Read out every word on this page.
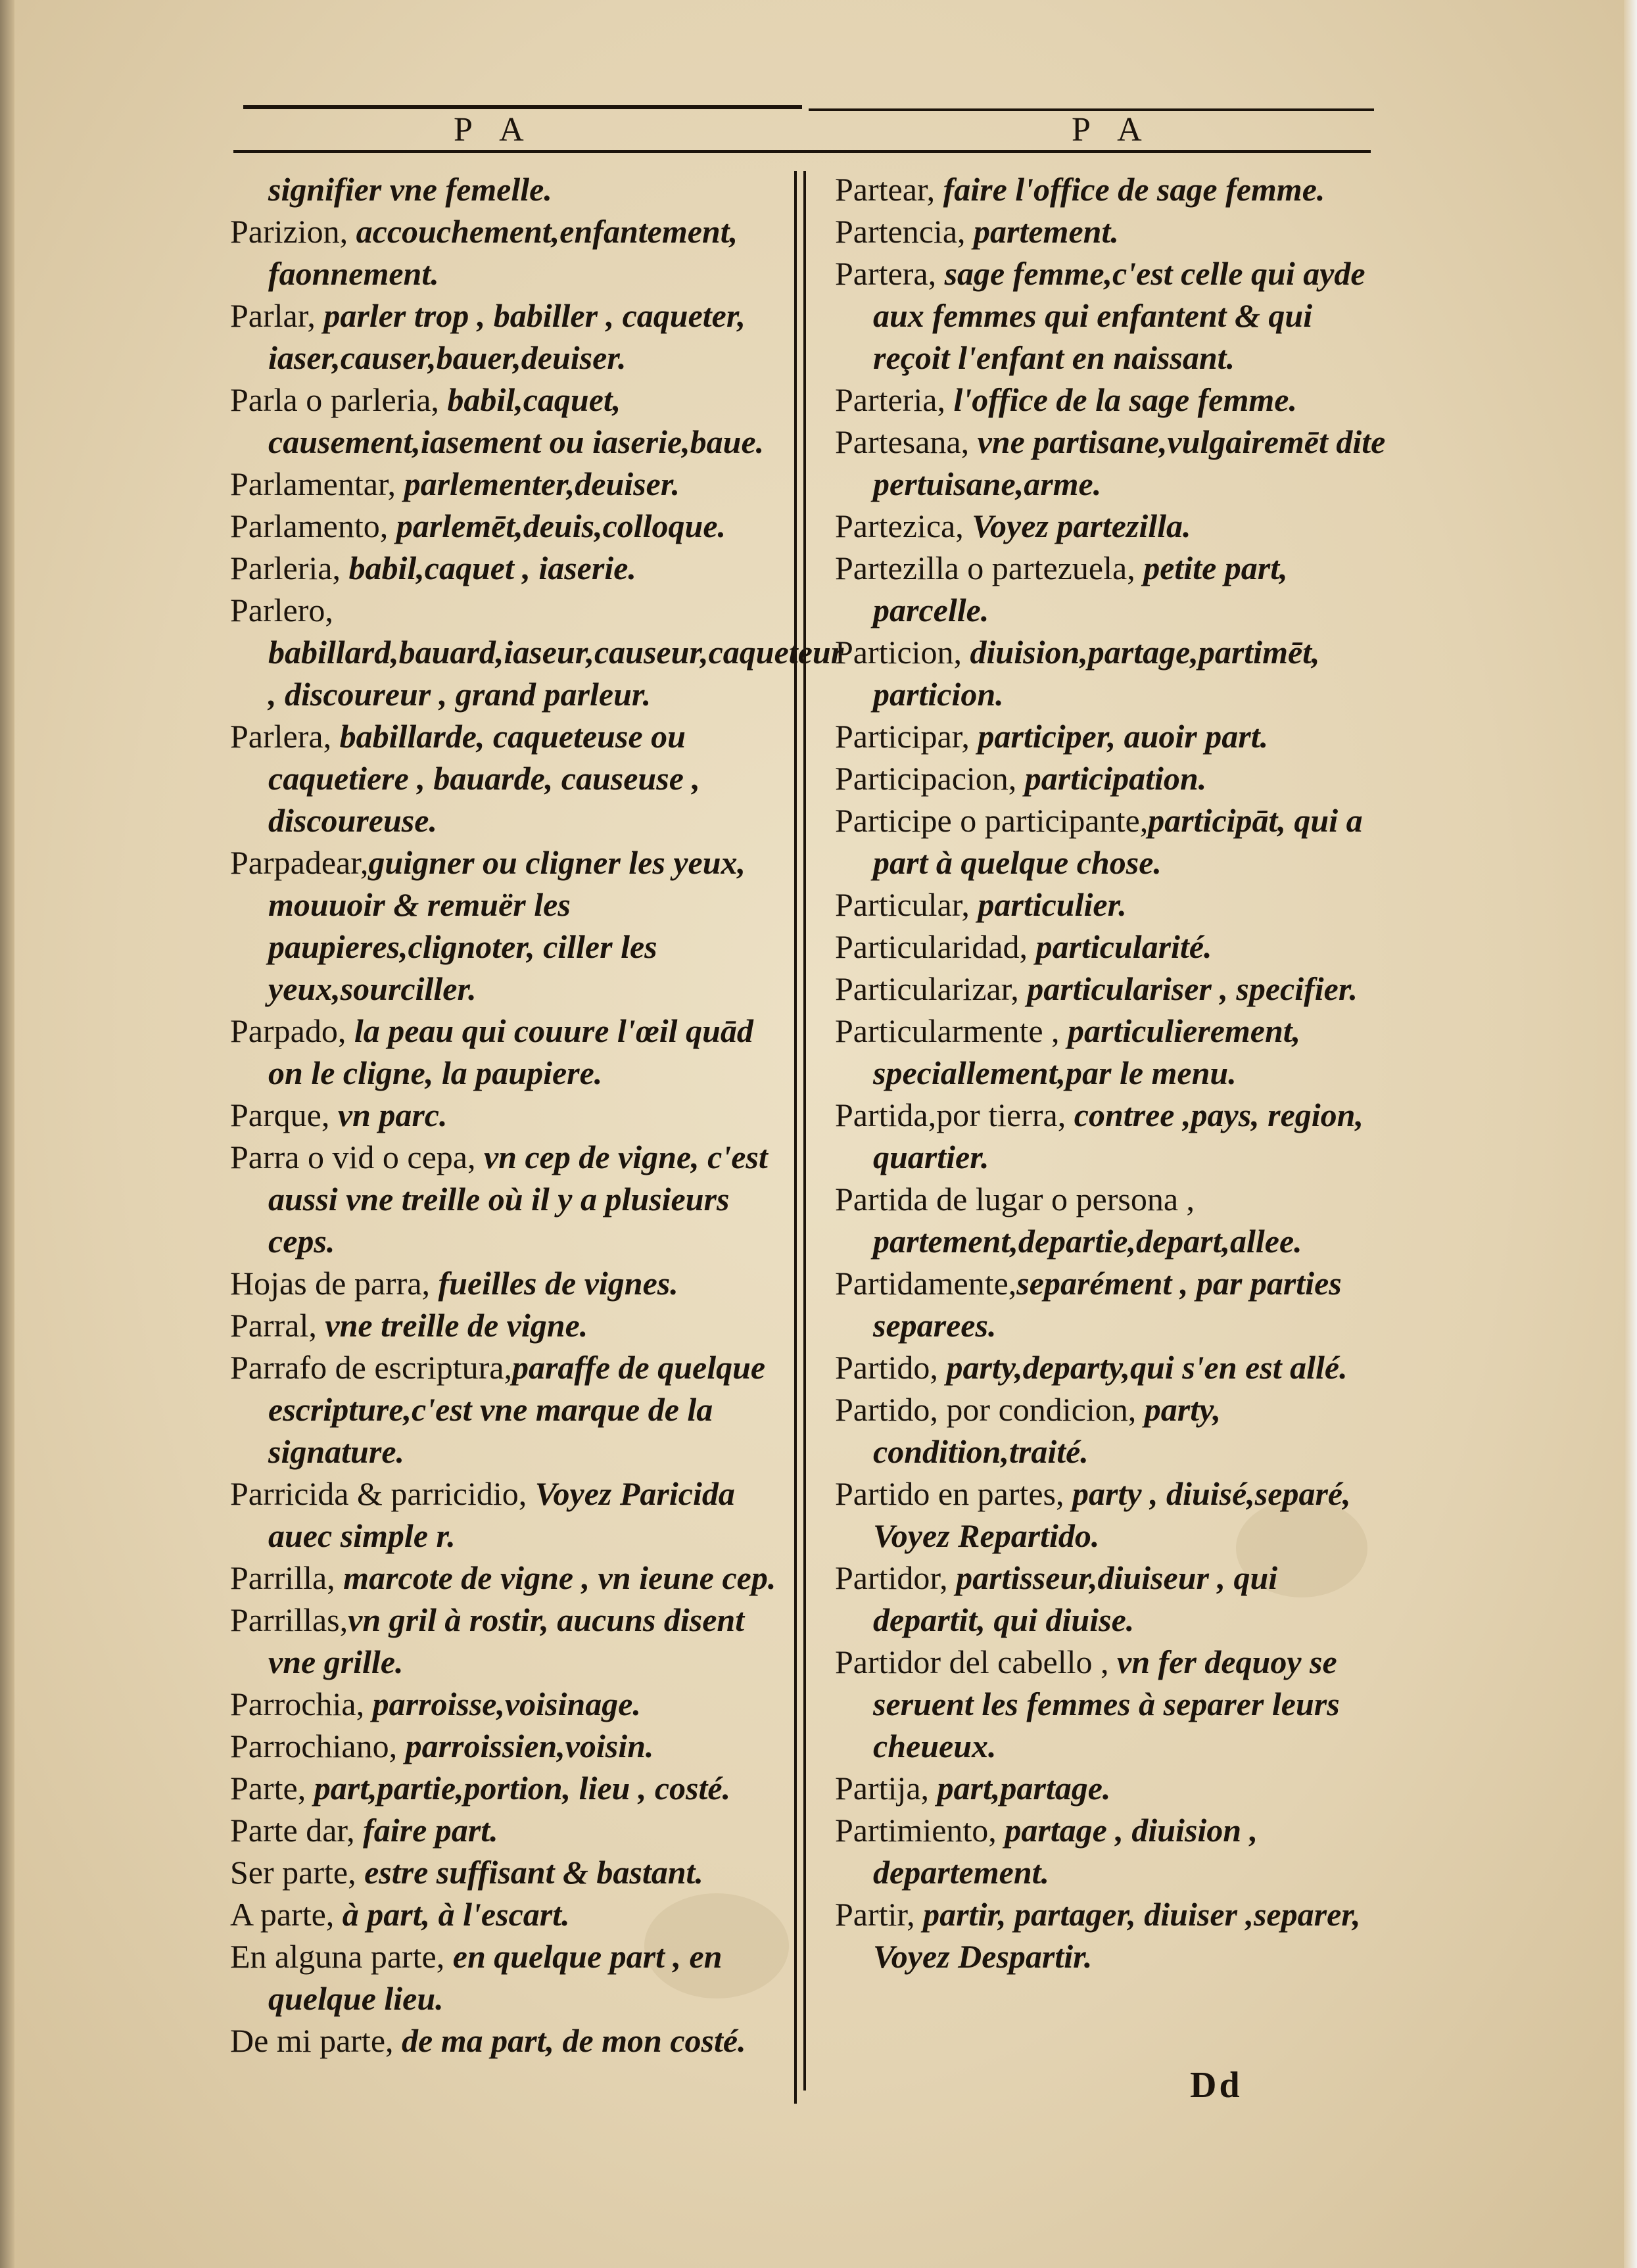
P A	P A

signifier vne femelle.

Parizion, accouchement,enfantement, faonnement.

Parlar, parler trop , babiller , caqueter, iaser,causer,bauer,deuiser.

Parla o parleria, babil,caquet, causement,iasement ou iaserie,baue.

Parlamentar, parlementer,deuiser.

Parlamento, parlemēt,deuis,colloque.

Parleria, babil,caquet , iaserie.

Parlero, babillard,bauard,iaseur,causeur,caqueteur , discoureur , grand parleur.

Parlera, babillarde, caqueteuse ou caquetiere , bauarde, causeuse , discoureuse.

Parpadear,guigner ou cligner les yeux, mouuoir & remuër les paupieres,clignoter, ciller les yeux,sourciller.

Parpado, la peau qui couure l'œil quād on le cligne, la paupiere.

Parque, vn parc.

Parra o vid o cepa, vn cep de vigne, c'est aussi vne treille où il y a plusieurs ceps.

Hojas de parra, fueilles de vignes.

Parral, vne treille de vigne.

Parrafo de escriptura,paraffe de quelque escripture,c'est vne marque de la signature.

Parricida & parricidio, Voyez Paricida auec simple r.

Parrilla, marcote de vigne , vn ieune cep.

Parrillas,vn gril à rostir, aucuns disent vne grille.

Parrochia, parroisse,voisinage.

Parrochiano, parroissien,voisin.

Parte, part,partie,portion, lieu , costé.

Parte dar, faire part.

Ser parte, estre suffisant & bastant.

A parte, à part, à l'escart.

En alguna parte, en quelque part , en quelque lieu.

De mi parte, de ma part, de mon costé.

Partear, faire l'office de sage femme.

Partencia, partement.

Partera, sage femme,c'est celle qui ayde aux femmes qui enfantent & qui reçoit l'enfant en naissant.

Parteria, l'office de la sage femme.

Partesana, vne partisane,vulgairemēt dite pertuisane,arme.

Partezica, Voyez partezilla.

Partezilla o partezuela, petite part, parcelle.

Particion, diuision,partage,partimēt, particion.

Participar, participer, auoir part.

Participacion, participation.

Participe o participante,participāt, qui a part à quelque chose.

Particular, particulier.

Particularidad, particularité.

Particularizar, particulariser , specifier.

Particularmente , particulierement, speciallement,par le menu.

Partida,por tierra, contree ,pays, region, quartier.

Partida de lugar o persona , partement,departie,depart,allee.

Partidamente,separément , par parties separees.

Partido, party,departy,qui s'en est allé.

Partido, por condicion, party, condition,traité.

Partido en partes, party , diuisé,separé, Voyez Repartido.

Partidor, partisseur,diuiseur , qui departit, qui diuise.

Partidor del cabello , vn fer dequoy se seruent les femmes à separer leurs cheueux.

Partija, part,partage.

Partimiento, partage , diuision , departement.

Partir, partir, partager, diuiser ,separer, Voyez Despartir.

Dd
